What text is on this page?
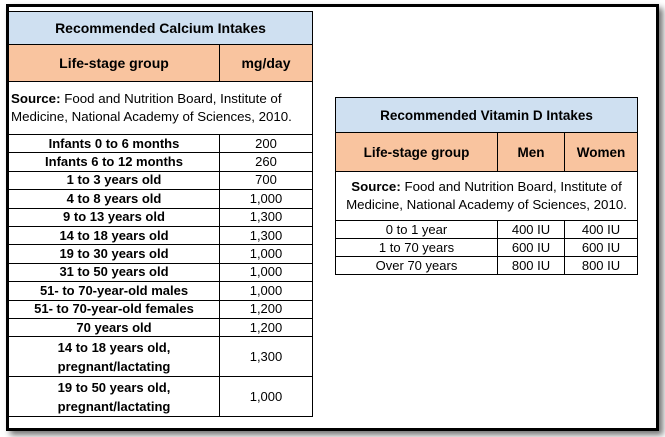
Recommended Calcium Intakes	
Life-stage group	mg/day
Source: Food and Nutrition Board, Institute of Medicine, National Academy of Sciences, 2010.	
Infants 0 to 6 months	200
Infants 6 to 12 months	260
1 to 3 years old	700
4 to 8 years old	1,000
9 to 13 years old	1,300
14 to 18 years old	1,300
19 to 30 years old	1,000
31 to 50 years old	1,000
51- to 70-year-old males	1,000
51- to 70-year-old females	1,200
70 years old	1,200
14 to 18 years old,
pregnant/lactating	1,300
19 to 50 years old,
pregnant/lactating	1,000
Recommended Vitamin D Intakes		
Life-stage group	Men	Women
Source: Food and Nutrition Board, Institute of Medicine, National Academy of Sciences, 2010.		
0 to 1 year	400 IU	400 IU
1 to 70 years	600 IU	600 IU
Over 70 years	800 IU	800 IU
